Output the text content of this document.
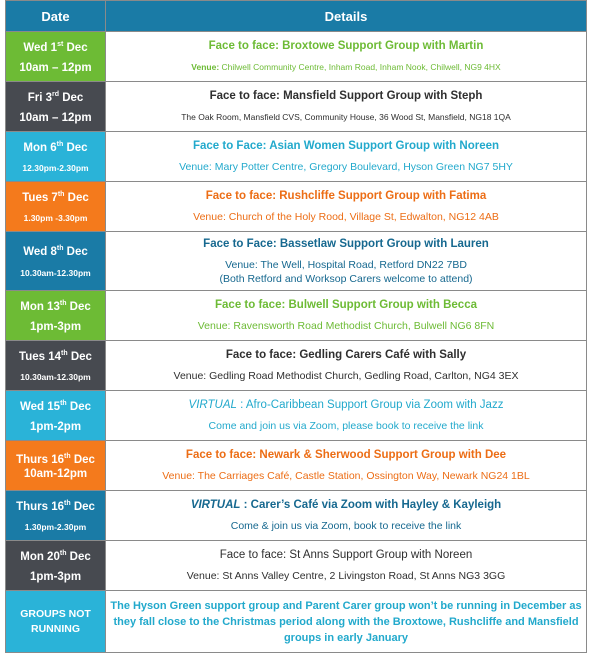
Date	Details

Wed 1st Dec
10am – 12pm	Face to face: Broxtowe Support Group with Martin
Venue: Chilwell Community Centre, Inham Road, Inham Nook, Chilwell, NG9 4HX

Fri 3rd Dec
10am – 12pm	Face to face: Mansfield Support Group with Steph
The Oak Room, Mansfield CVS, Community House, 36 Wood St, Mansfield, NG18 1QA

Mon 6th Dec
12.30pm-2.30pm	Face to Face: Asian Women Support Group with Noreen
Venue: Mary Potter Centre, Gregory Boulevard, Hyson Green NG7 5HY

Tues 7th Dec
1.30pm -3.30pm	Face to face: Rushcliffe Support Group with Fatima
Venue: Church of the Holy Rood, Village St, Edwalton, NG12 4AB

Wed 8th Dec
10.30am-12.30pm	Face to Face: Bassetlaw Support Group with Lauren
Venue: The Well, Hospital Road, Retford DN22 7BD
(Both Retford and Worksop Carers welcome to attend)

Mon 13th Dec
1pm-3pm	Face to face: Bulwell Support Group with Becca
Venue: Ravensworth Road Methodist Church, Bulwell NG6 8FN

Tues 14th Dec
10.30am-12.30pm	Face to face: Gedling Carers Café with Sally
Venue: Gedling Road Methodist Church, Gedling Road, Carlton, NG4 3EX

Wed 15th Dec
1pm-2pm	VIRTUAL : Afro-Caribbean Support Group via Zoom with Jazz
Come and join us via Zoom, please book to receive the link

Thurs 16th Dec
10am-12pm	Face to face: Newark & Sherwood Support Group with Dee
Venue: The Carriages Café, Castle Station, Ossington Way, Newark NG24 1BL

Thurs 16th Dec
1.30pm-2.30pm	VIRTUAL : Carer’s Café via Zoom with Hayley & Kayleigh
Come & join us via Zoom, book to receive the link

Mon 20th Dec
1pm-3pm	Face to face: St Anns Support Group with Noreen
Venue: St Anns Valley Centre, 2 Livingston Road, St Anns NG3 3GG

GROUPS NOT
RUNNING	The Hyson Green support group and Parent Carer group won’t be running in December as they fall close to the Christmas period along with the Broxtowe, Rushcliffe and Mansfield groups in early January
